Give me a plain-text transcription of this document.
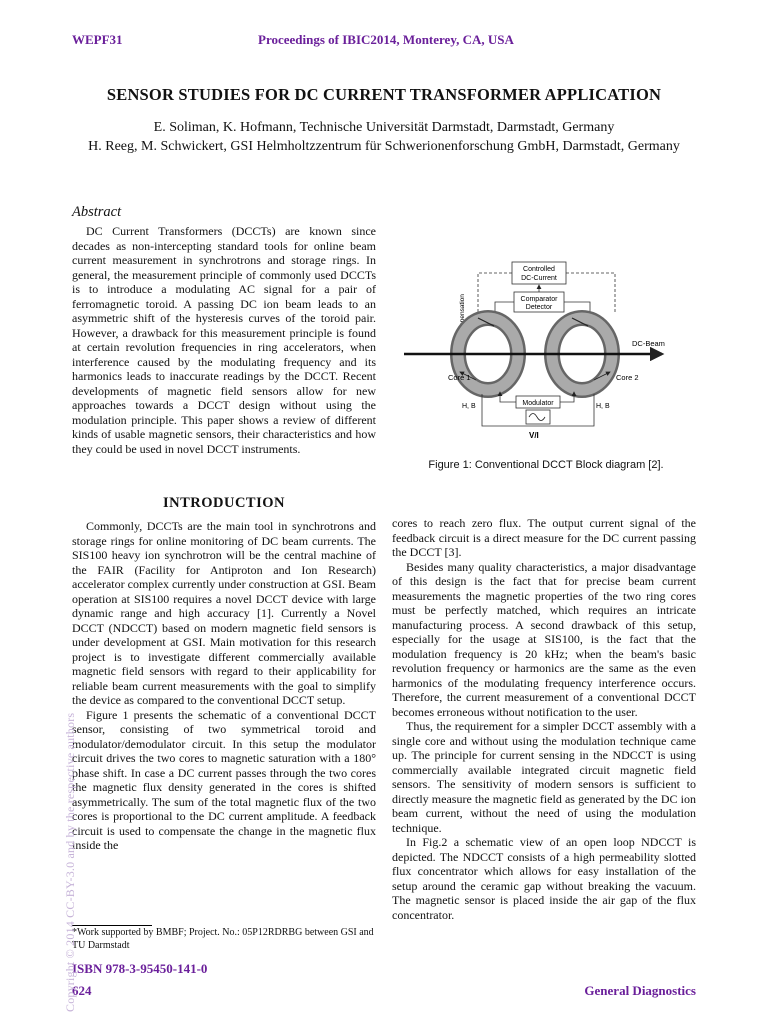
WEPF31	Proceedings of IBIC2014, Monterey, CA, USA
SENSOR STUDIES FOR DC CURRENT TRANSFORMER APPLICATION
E. Soliman, K. Hofmann, Technische Universität Darmstadt, Darmstadt, Germany
H. Reeg, M. Schwickert, GSI Helmholtzzentrum für Schwerionenforschung GmbH, Darmstadt, Germany
Abstract

DC Current Transformers (DCCTs) are known since decades as non-intercepting standard tools for online beam current measurement in synchrotrons and storage rings. In general, the measurement principle of commonly used DCCTs is to introduce a modulating AC signal for a pair of ferromagnetic toroid. A passing DC ion beam leads to an asymmetric shift of the hysteresis curves of the toroid pair. However, a drawback for this measurement principle is found at certain revolution frequencies in ring accelerators, when interference caused by the modulating frequency and its harmonics leads to inaccurate readings by the DCCT. Recent developments of magnetic field sensors allow for new approaches towards a DCCT design without using the modulation principle. This paper shows a review of different kinds of usable magnetic sensors, their characteristics and how they could be used in novel DCCT instruments.

INTRODUCTION

Commonly, DCCTs are the main tool in synchrotrons and storage rings for online monitoring of DC beam currents. The SIS100 heavy ion synchrotron will be the central machine of the FAIR (Facility for Antiproton and Ion Research) accelerator complex currently under construction at GSI. Beam operation at SIS100 requires a novel DCCT device with large dynamic range and high accuracy [1]. Currently a Novel DCCT (NDCCT) based on modern magnetic field sensors is under development at GSI. Main motivation for this research project is to investigate different commercially available magnetic field sensors with regard to their applicability for reliable beam current measurements with the goal to simplify the device as compared to the conventional DCCT setup.

Figure 1 presents the schematic of a conventional DCCT sensor, consisting of two symmetrical toroid and modulator/demodulator circuit. In this setup the modulator circuit drives the two cores to magnetic saturation with a 180° phase shift. In case a DC current passes through the two cores the magnetic flux density generated in the cores is shifted asymmetrically. The sum of the total magnetic flux of the two cores is proportional to the DC current amplitude. A feedback circuit is used to compensate the change in the magnetic flux inside the

cores to reach zero flux. The output current signal of the feedback circuit is a direct measure for the DC current passing the DCCT [3].

Besides many quality characteristics, a major disadvantage of this design is the fact that for precise beam current measurements the magnetic properties of the two ring cores must be perfectly matched, which requires an intricate manufacturing process. A second drawback of this setup, especially for the usage at SIS100, is the fact that the modulation frequency is 20 kHz; when the beam's basic revolution frequency or harmonics are the same as the even harmonics of the modulating frequency interference occurs. Therefore, the current measurement of a conventional DCCT becomes erroneous without notification to the user.

Thus, the requirement for a simpler DCCT assembly with a single core and without using the modulation technique came up. The principle for current sensing in the NDCCT is using commercially available integrated circuit magnetic field sensors. The sensitivity of modern sensors is sufficient to directly measure the magnetic field as generated by the DC ion beam current, without the need of using the modulation technique.

In Fig.2 a schematic view of an open loop NDCCT is depicted. The NDCCT consists of a high permeability slotted flux concentrator which allows for easy installation of the setup around the ceramic gap without breaking the vacuum. The magnetic sensor is placed inside the air gap of the flux concentrator.

Controlled
DC-Current
Comparator
Detector
Compensation current
DC-Beam
Core 1	Core 2
H, B	H, B
Modulator
V/I
Figure 1: Conventional DCCT Block diagram [2].
*Work supported by BMBF; Project. No.: 05P12RDRBG between GSI and TU Darmstadt
ISBN 978-3-95450-141-0
624	General Diagnostics
Copyright © 2014 CC-BY-3.0 and by the respective authors
